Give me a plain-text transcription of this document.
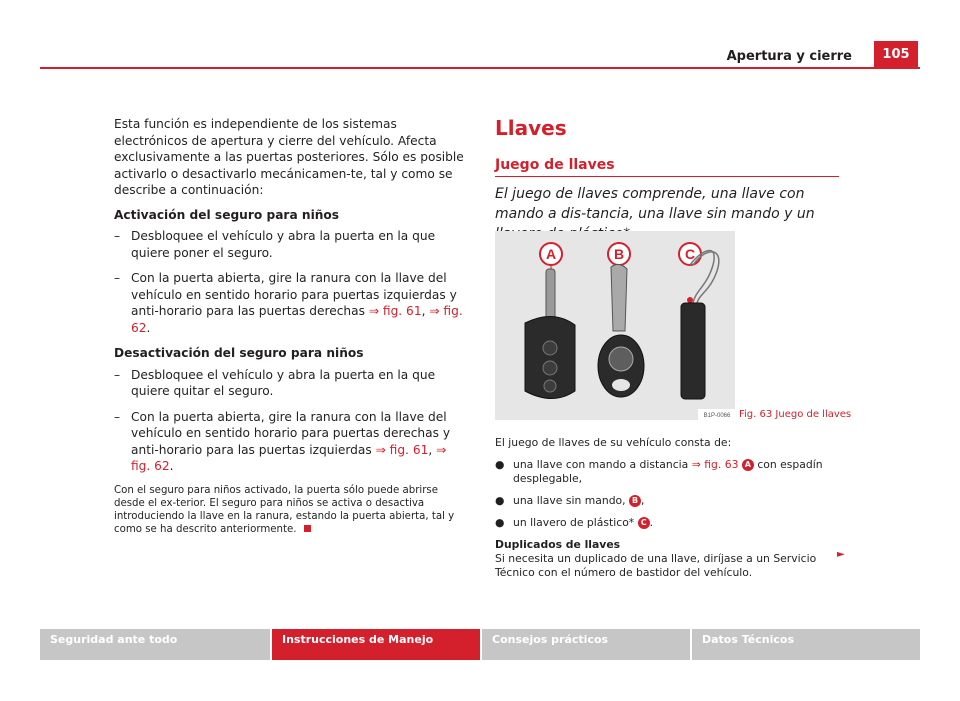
Apertura y cierre	105

Esta función es independiente de los sistemas electrónicos de apertura y cierre del vehículo. Afecta exclusivamente a las puertas posteriores. Sólo es posible activarlo o desactivarlo mecánicamen-te, tal y como se describe a continuación:

Activación del seguro para niños
– Desbloquee el vehículo y abra la puerta en la que quiere poner el seguro.
– Con la puerta abierta, gire la ranura con la llave del vehículo en sentido horario para puertas izquierdas y anti-horario para las puertas derechas ⇒ fig. 61, ⇒ fig. 62.
Desactivación del seguro para niños
– Desbloquee el vehículo y abra la puerta en la que quiere quitar el seguro.
– Con la puerta abierta, gire la ranura con la llave del vehículo en sentido horario para puertas derechas y anti-horario para las puertas izquierdas ⇒ fig. 61, ⇒ fig. 62.

Con el seguro para niños activado, la puerta sólo puede abrirse desde el ex-terior. El seguro para niños se activa o desactiva introduciendo la llave en la ranura, estando la puerta abierta, tal y como se ha descrito anteriormente.

Llaves
Juego de llaves
El juego de llaves comprende, una llave con mando a dis-tancia, una llave sin mando y un
A	B	C
B1P-0066 Fig. 63 Juego de llaves

El juego de llaves de su vehículo consta de:

● una llave con mando a distancia ⇒ fig. 63 A con espadín desplegable,
● una llave sin mando, B ,
● un llavero de plástico* C .
Duplicados de llaves

Si necesita un duplicado de una llave, diríjase a un Servicio Técnico con el número de bastidor del vehículo.

►
Seguridad ante todo	Instrucciones de Manejo	Consejos prácticos	Datos Técnicos
